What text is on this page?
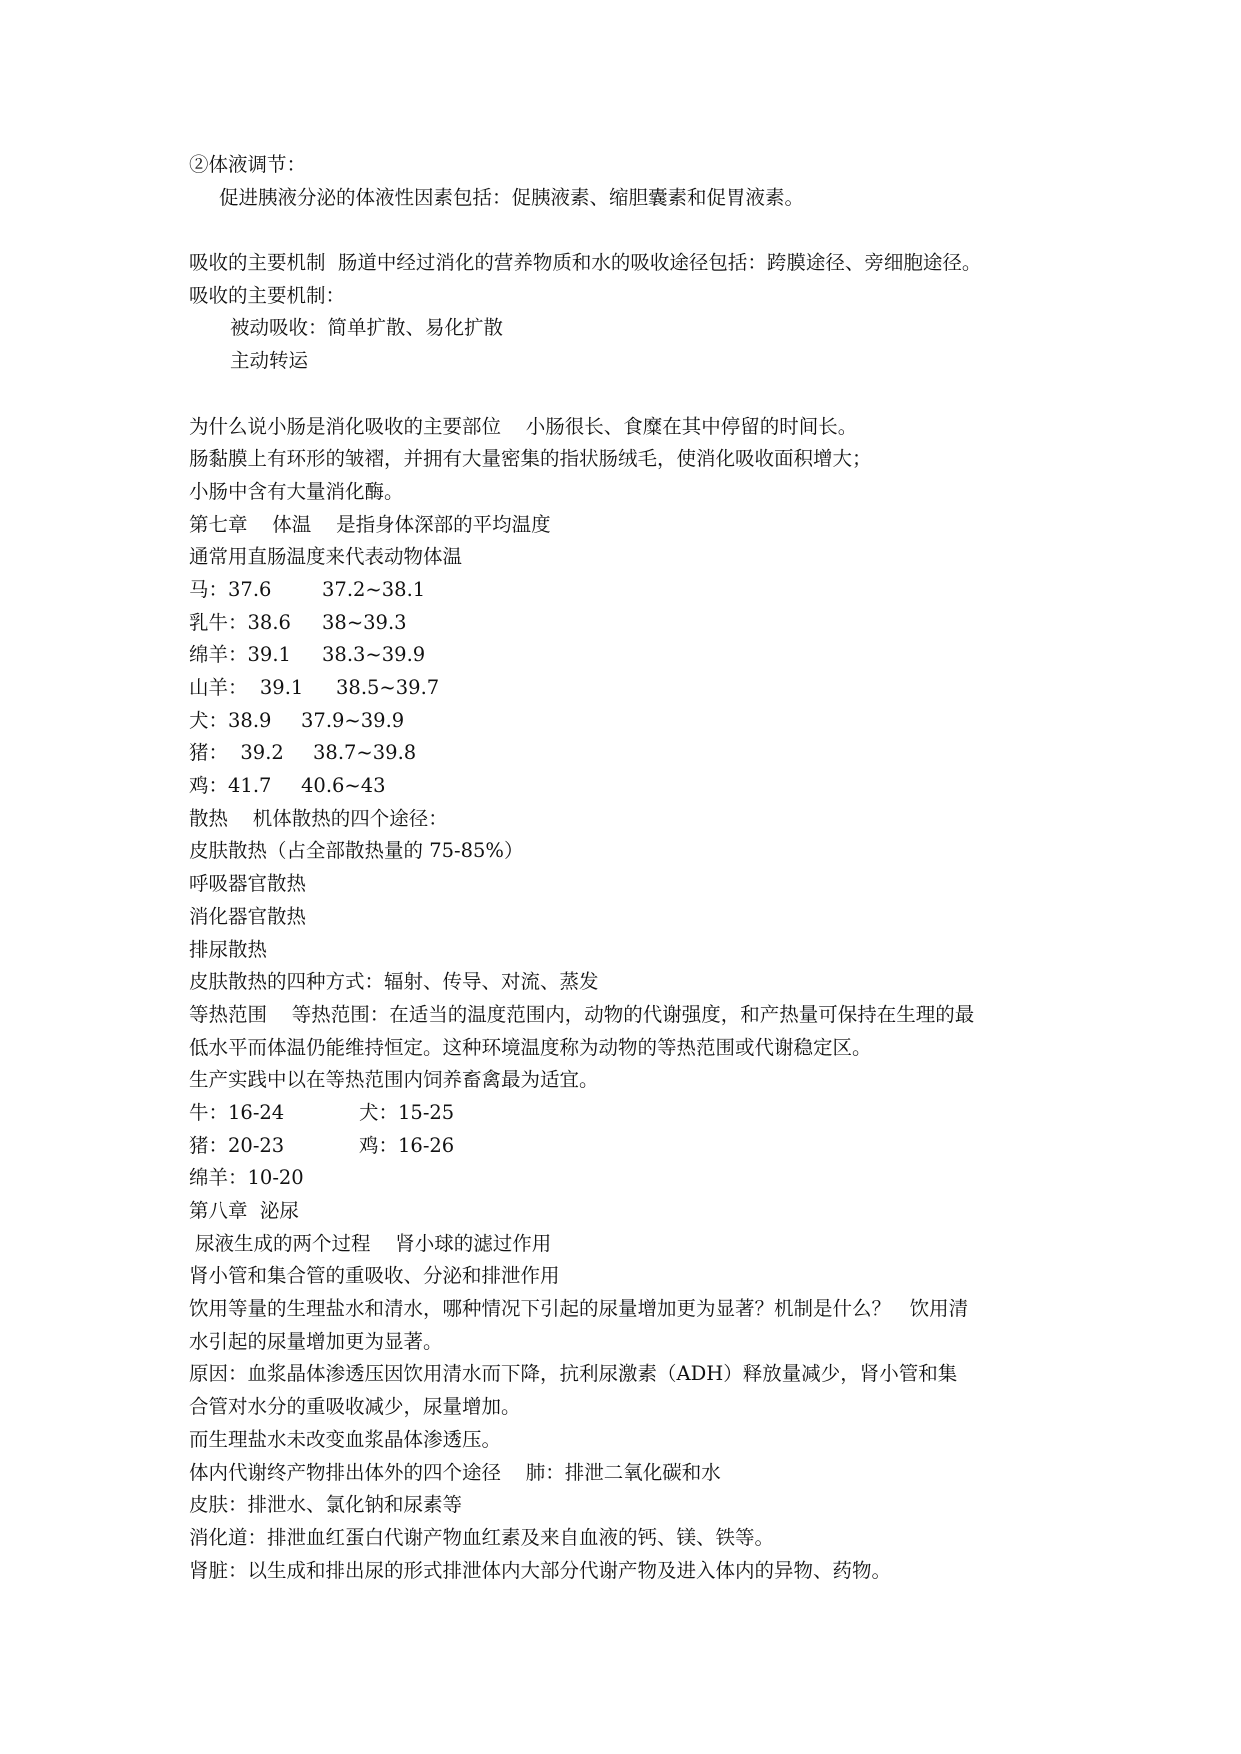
②体液调节：
促进胰液分泌的体液性因素包括：促胰液素、缩胆囊素和促胃液素。
吸收的主要机制  肠道中经过消化的营养物质和水的吸收途径包括：跨膜途径、旁细胞途径。
吸收的主要机制：
被动吸收：简单扩散、易化扩散
主动转运
为什么说小肠是消化吸收的主要部位    小肠很长、食糜在其中停留的时间长。
肠黏膜上有环形的皱褶，并拥有大量密集的指状肠绒毛，使消化吸收面积增大；
小肠中含有大量消化酶。
第七章    体温    是指身体深部的平均温度
通常用直肠温度来代表动物体温
马：37.6	37.2~38.1
乳牛：38.6 38~39.3
绵羊：39.1 38.3~39.9
山羊：  39.1 38.5~39.7
犬：38.9 37.9~39.9
猪：  39.2 38.7~39.8
鸡：41.7 40.6~43
散热    机体散热的四个途径：
皮肤散热（占全部散热量的 75-85%）
呼吸器官散热
消化器官散热
排尿散热
皮肤散热的四种方式：辐射、传导、对流、蒸发
等热范围    等热范围：在适当的温度范围内，动物的代谢强度，和产热量可保持在生理的最
低水平而体温仍能维持恒定。这种环境温度称为动物的等热范围或代谢稳定区。
生产实践中以在等热范围内饲养畜禽最为适宜。
牛：16-24	犬：15-25
猪：20-23	鸡：16-26
绵羊：10-20
第八章  泌尿
尿液生成的两个过程    肾小球的滤过作用
肾小管和集合管的重吸收、分泌和排泄作用
饮用等量的生理盐水和清水，哪种情况下引起的尿量增加更为显著？机制是什么？   饮用清
水引起的尿量增加更为显著。
原因：血浆晶体渗透压因饮用清水而下降，抗利尿激素（ADH）释放量减少，肾小管和集
合管对水分的重吸收减少，尿量增加。
而生理盐水未改变血浆晶体渗透压。
体内代谢终产物排出体外的四个途径    肺：排泄二氧化碳和水
皮肤：排泄水、氯化钠和尿素等
消化道：排泄血红蛋白代谢产物血红素及来自血液的钙、镁、铁等。
肾脏：以生成和排出尿的形式排泄体内大部分代谢产物及进入体内的异物、药物。
